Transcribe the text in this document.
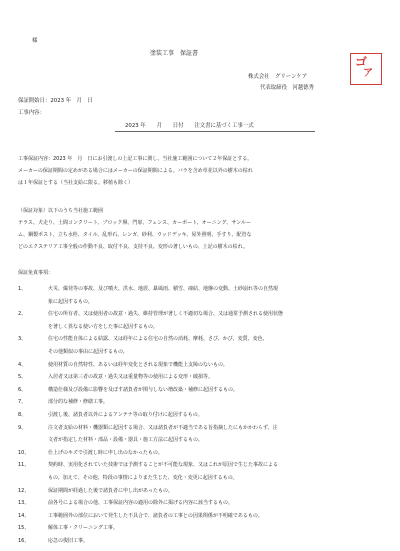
様
塗装工事　保証書
ゴ
ア
株式会社　グリーンケア
代表取締役　河越德秀
保証開始日：2023 年　月　日
工事内容：
2023 年　　月　　日付　　注文書に基づく工事一式
工事保証内容：2023 年　月　日にお引渡しの上記工事に関し、当社施工範囲について２年保証とする。
メーカーの保証期間の定めがある場合にはメーカーの保証期間による。バラを含め草花以外の樹木の枯れ
は１年保証とする（当社支給に限る。移植も除く）
（保証対象）以下のうち当社施工範囲
テラス、犬走り、土間コンクリート、ブロック塀、門扉、フェンス、カーポート、オーニング、サンルー
ム、鋼製ポスト、立ち水栓、タイル、乱形石、レンガ、砂利、ウッドデッキ、屋外照明、手すり、配管な
どのエクステリア工事全般の作動不良、取付不良、支持不良、変形の著しいもの、上記の樹木の枯れ。
保証免責事項：
1、	火災、爆発等の事故、及び噴火、洪水、地震、暴風雨、積雪、凍結、地盤の変動、土砂崩れ等の自然現
象に起因するもの。
2、	住宅の所有者、又は使用者の故意・過失、維持管理が著しく不適切な場合、又は通常予測される使用状態
を著しく異なる使い方をした事に起因するもの。
3、	住宅の性能自体による結露、又は経年による住宅の自然の消耗、摩耗、さび、かび、変質、変色、
その他類似の事由に起因するもの。
4、	使用材質の自然特性、あるいは経年変化とされる現象で機能上支障のないもの。
5、	入居者又は第三者の故意・過失又は重量物等の使用による変形・破損等。
6、	構造仕様及び設備に影響を及ぼす諸負者が関与しない増改築・補修に起因するもの。
7、	部分的な補修・修繕工事。
8、	引渡し後、諸負者以外によるアンテナ等の取り付けに起因するもの。
9、	注文者支給の材料・機器類に起因する場合、又は諸負者が不適当である旨指摘したにもかかわらず、注
文者が指定した材料・部品・設備・器具・施工方法に起因するもの。
10、	仕上げのキズで引渡し時に申し出のなかったもの。
11、	契約時、実用化されていた技術では予測することが不可能な現象、又はこれが原因で生じた事故による
もの。加えて、その他、特段の事情によりまた生じた、変化・変更に起因するもの。
12、	保証期間が経過した後で諸負者に申し出があったもの。
13、	前各号による場合の他、工事保証内容の適用の除外に掲げる内容に該当するもの。
14、	工事範囲外の部位において発生した不具合で、諸負者の工事との因果関係が不明確であるもの。
15、	解体工事・クリーニング工事。
16、	応急の復旧工事。
